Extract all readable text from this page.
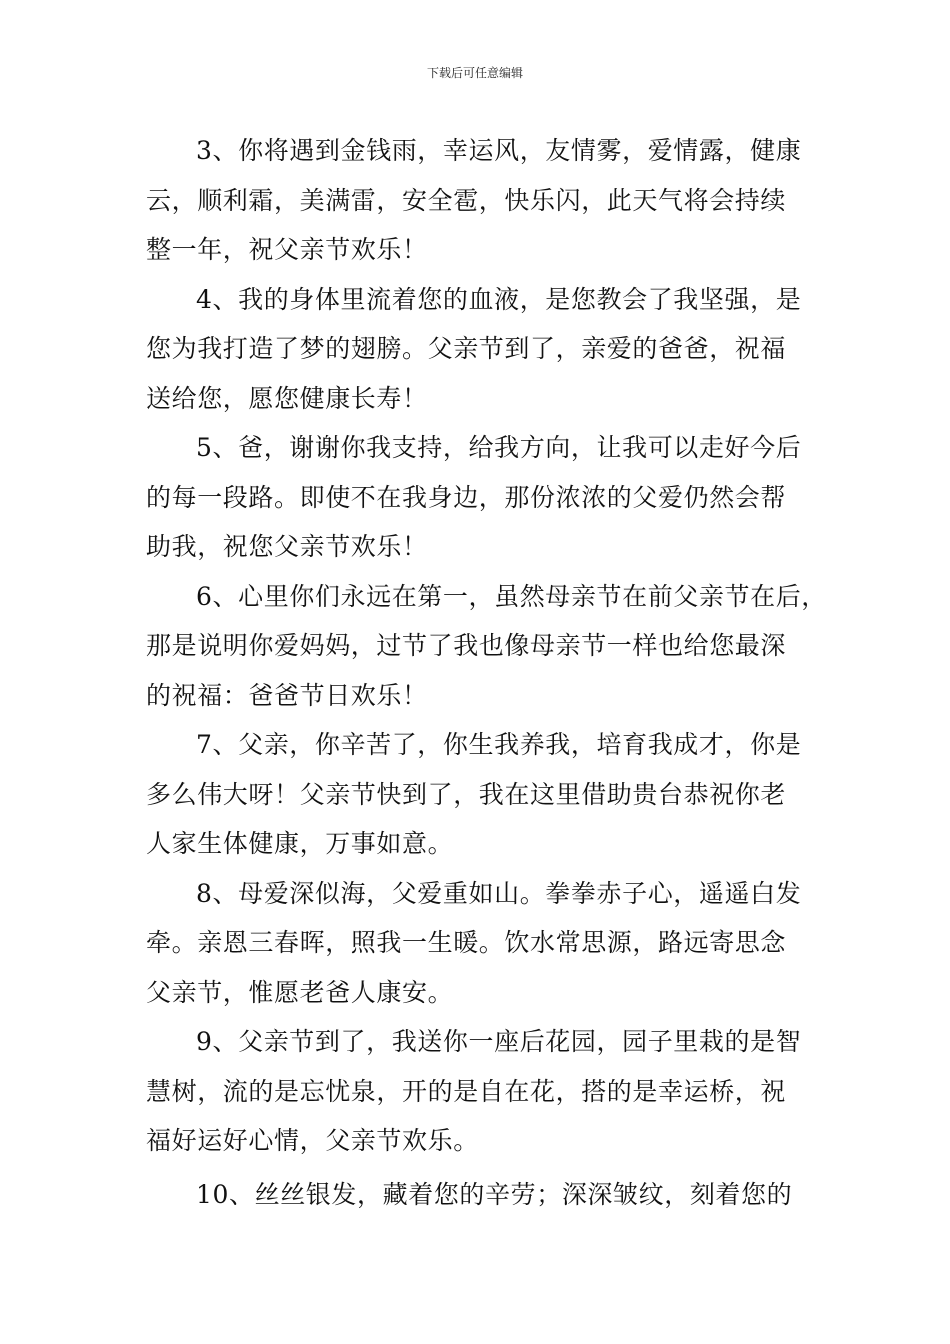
下载后可任意编辑
3、你将遇到金钱雨，幸运风，友情雾，爱情露，健康
云，顺利霜，美满雷，安全雹，快乐闪，此天气将会持续
整一年，祝父亲节欢乐！
4、我的身体里流着您的血液，是您教会了我坚强，是
您为我打造了梦的翅膀。父亲节到了，亲爱的爸爸，祝福
送给您，愿您健康长寿！
5、爸，谢谢你我支持，给我方向，让我可以走好今后
的每一段路。即使不在我身边，那份浓浓的父爱仍然会帮
助我，祝您父亲节欢乐！
6、心里你们永远在第一，虽然母亲节在前父亲节在后，
那是说明你爱妈妈，过节了我也像母亲节一样也给您最深
的祝福：爸爸节日欢乐！
7、父亲，你辛苦了，你生我养我，培育我成才，你是
多么伟大呀！父亲节快到了，我在这里借助贵台恭祝你老
人家生体健康，万事如意。
8、母爱深似海，父爱重如山。拳拳赤子心，遥遥白发
牵。亲恩三春晖，照我一生暖。饮水常思源，路远寄思念
父亲节，惟愿老爸人康安。
9、父亲节到了，我送你一座后花园，园子里栽的是智
慧树，流的是忘忧泉，开的是自在花，搭的是幸运桥，祝
福好运好心情，父亲节欢乐。
10、丝丝银发，藏着您的辛劳；深深皱纹，刻着您的
